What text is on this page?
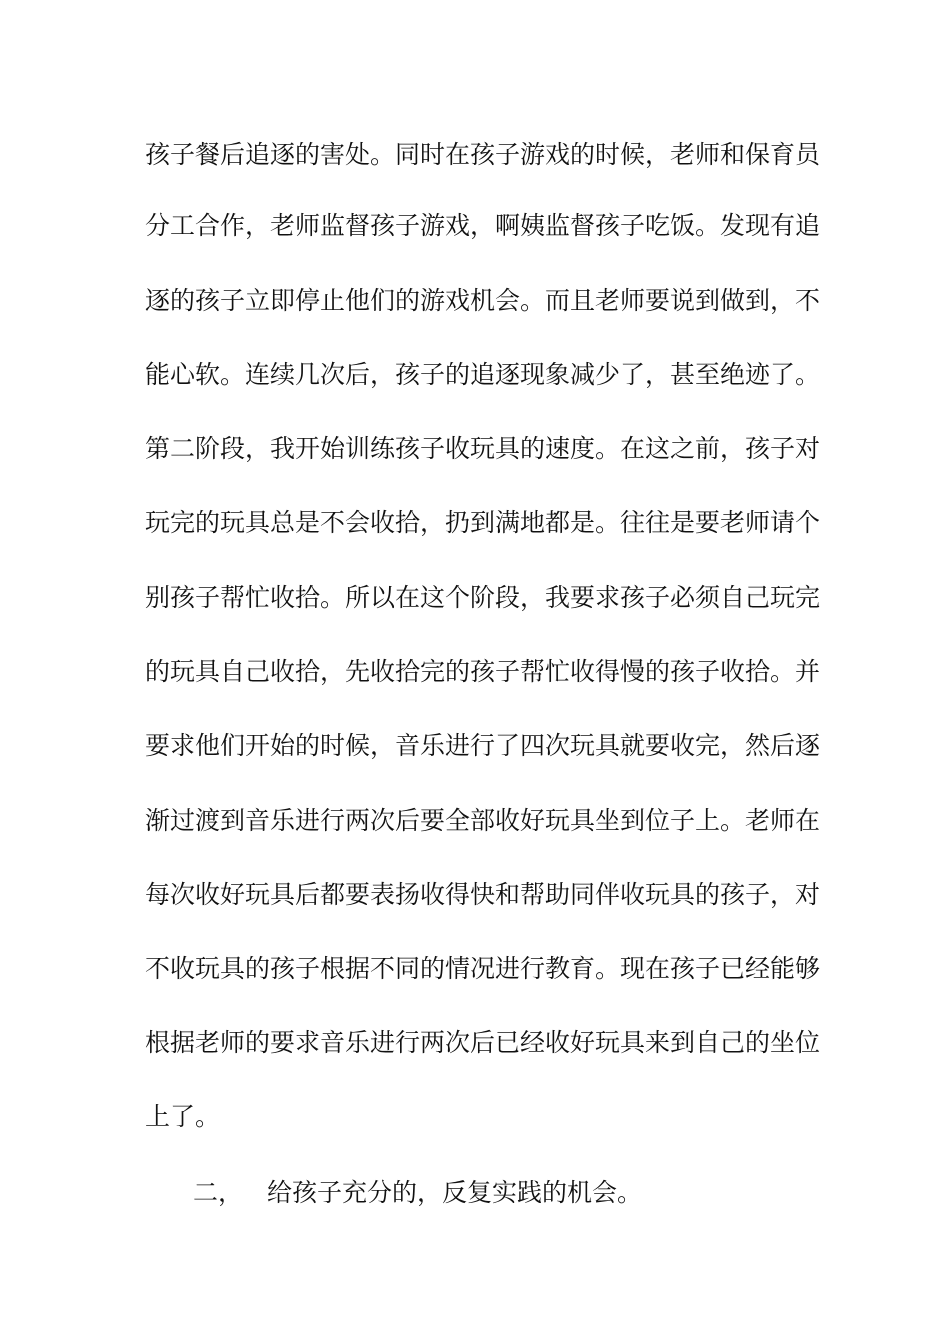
孩子餐后追逐的害处。同时在孩子游戏的时候，老师和保育员
分工合作，老师监督孩子游戏，啊姨监督孩子吃饭。发现有追
逐的孩子立即停止他们的游戏机会。而且老师要说到做到，不
能心软。连续几次后，孩子的追逐现象减少了，甚至绝迹了。
第二阶段，我开始训练孩子收玩具的速度。在这之前，孩子对
玩完的玩具总是不会收拾，扔到满地都是。往往是要老师请个
别孩子帮忙收拾。所以在这个阶段，我要求孩子必须自己玩完
的玩具自己收拾，先收拾完的孩子帮忙收得慢的孩子收拾。并
要求他们开始的时候，音乐进行了四次玩具就要收完，然后逐
渐过渡到音乐进行两次后要全部收好玩具坐到位子上。老师在
每次收好玩具后都要表扬收得快和帮助同伴收玩具的孩子，对
不收玩具的孩子根据不同的情况进行教育。现在孩子已经能够
根据老师的要求音乐进行两次后已经收好玩具来到自己的坐位
上了。
二， 给孩子充分的，反复实践的机会。
